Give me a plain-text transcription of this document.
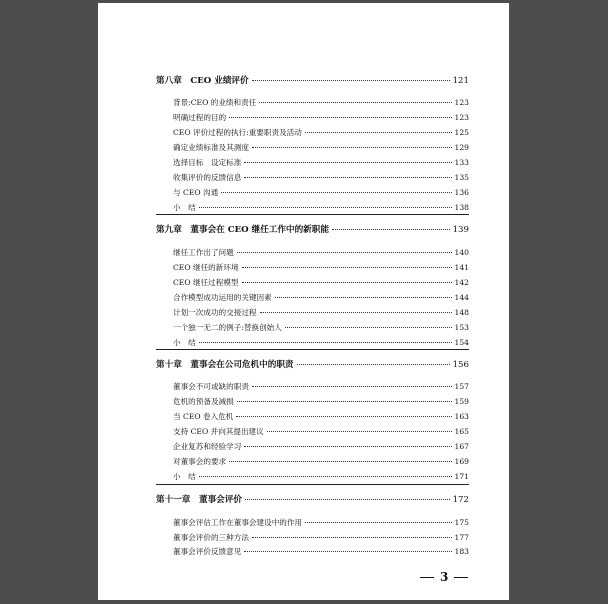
第八章　CEO 业绩评价	121
背景:CEO 的业绩和责任	123
明确过程的目的	123
CEO 评价过程的执行:重要职责及活动	125
确定业绩标准及其测度	129
选择目标　设定标准	133
收集评价的反馈信息	135
与 CEO 沟通	136
小　结	138
第九章　董事会在 CEO 继任工作中的新职能	139
继任工作出了问题	140
CEO 继任的新环境	141
CEO 继任过程模型	142
合作模型成功运用的关键因素	144
计划一次成功的交接过程	148
一个独一无二的例子:替换创始人	153
小　结	154
第十章　董事会在公司危机中的职责	156
董事会不可或缺的职责	157
危机的预备及减损	159
当 CEO 卷入危机	163
支持 CEO 并向其提出建议	165
企业复苏和经验学习	167
对董事会的要求	169
小　结	171
第十一章　董事会评价	172
董事会评估工作在董事会建设中的作用	175
董事会评价的三种方法	177
董事会评价反馈意见	183
3
